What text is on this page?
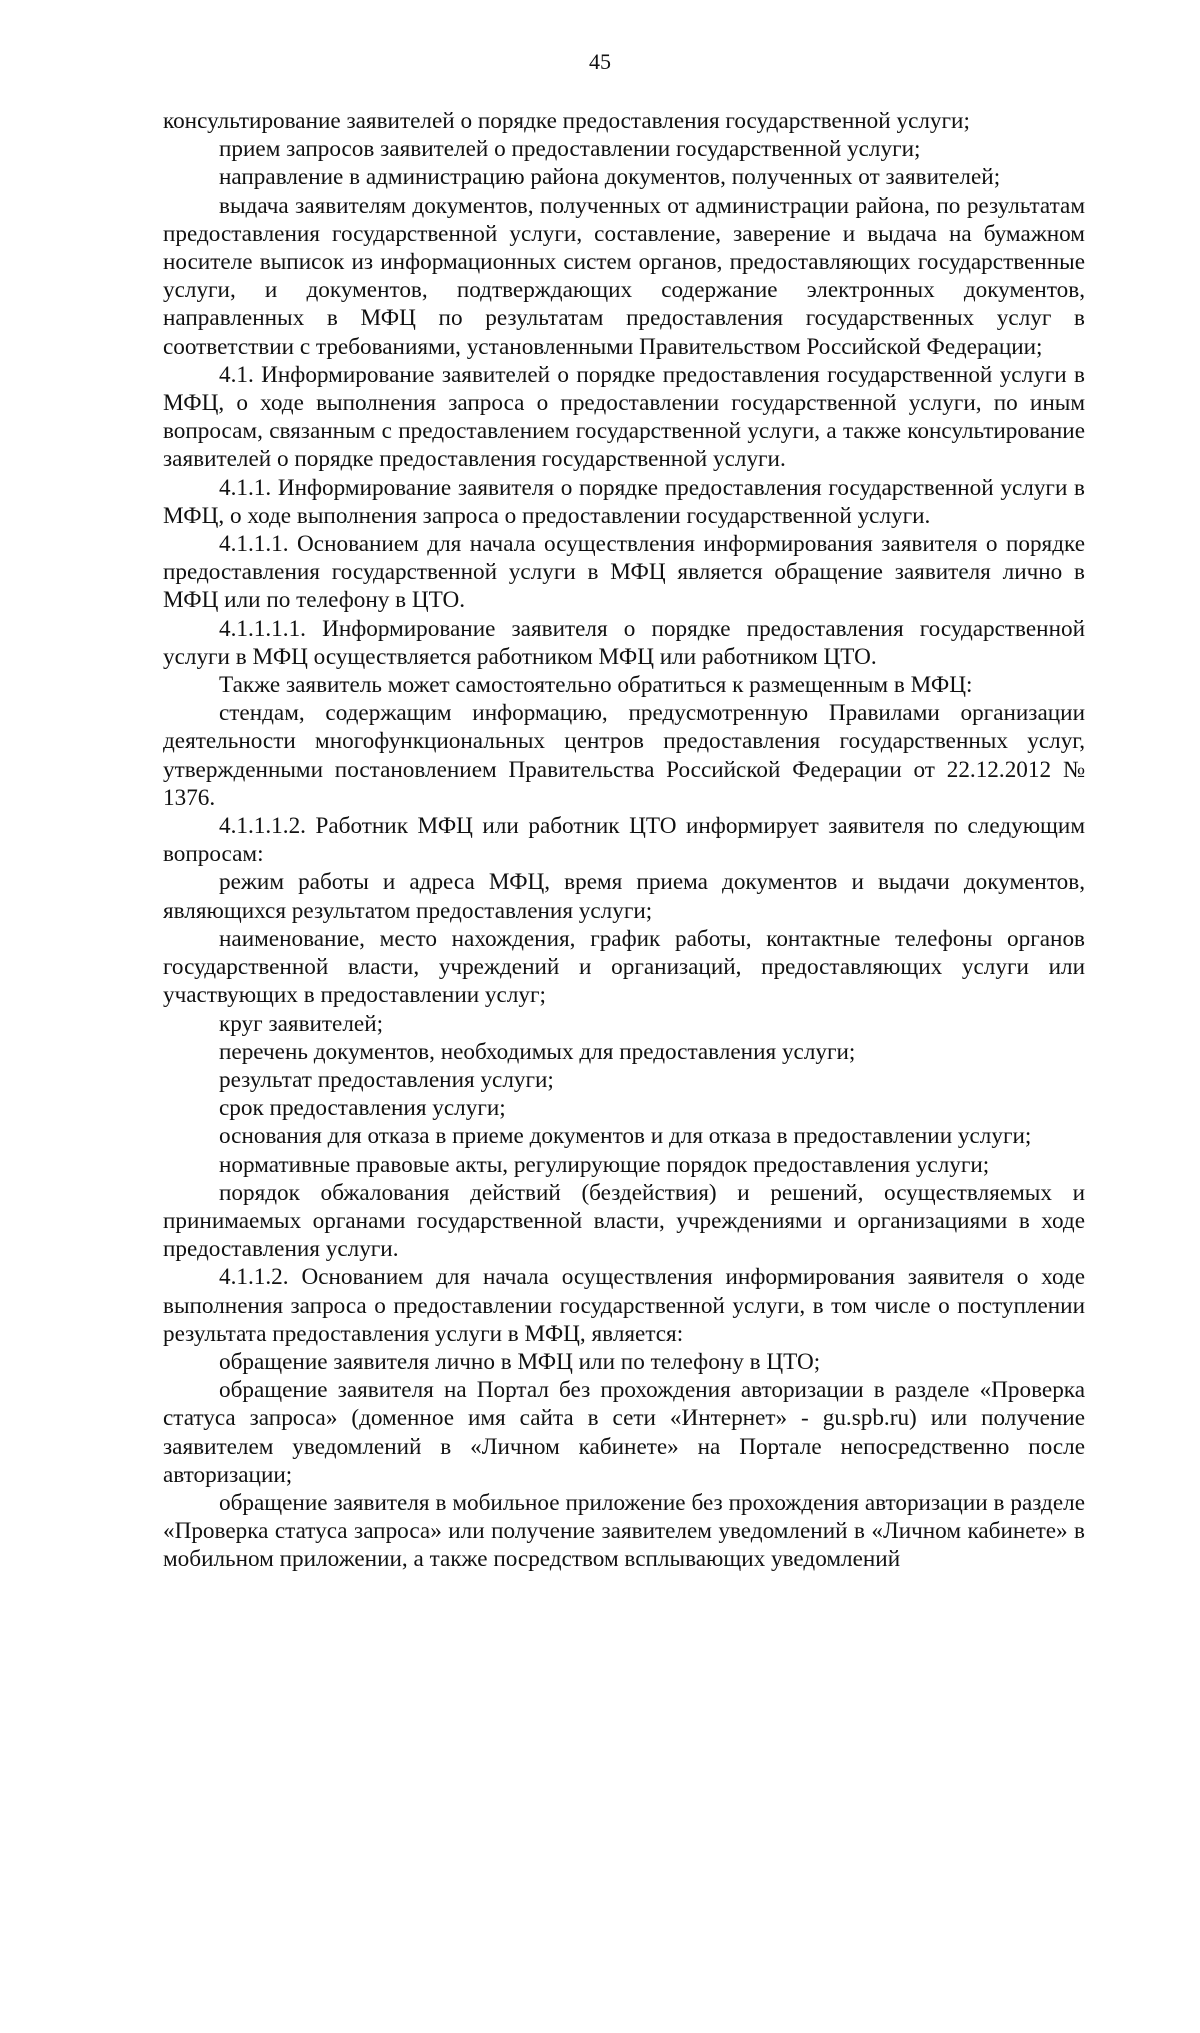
45

консультирование заявителей о порядке предоставления государственной услуги;

прием запросов заявителей о предоставлении государственной услуги;

направление в администрацию района документов, полученных от заявителей;

выдача заявителям документов, полученных от администрации района, по результатам предоставления государственной услуги, составление, заверение и выдача на бумажном носителе выписок из информационных систем органов, предоставляющих государственные услуги, и документов, подтверждающих содержание электронных документов, направленных в МФЦ по результатам предоставления государственных услуг в соответствии с требованиями, установленными Правительством Российской Федерации;

4.1. Информирование заявителей о порядке предоставления государственной услуги в МФЦ, о ходе выполнения запроса о предоставлении государственной услуги, по иным вопросам, связанным с предоставлением государственной услуги, а также консультирование заявителей о порядке предоставления государственной услуги.

4.1.1. Информирование заявителя о порядке предоставления государственной услуги в МФЦ, о ходе выполнения запроса о предоставлении государственной услуги.

4.1.1.1. Основанием для начала осуществления информирования заявителя о порядке предоставления государственной услуги в МФЦ является обращение заявителя лично в МФЦ или по телефону в ЦТО.

4.1.1.1.1. Информирование заявителя о порядке предоставления государственной услуги в МФЦ осуществляется работником МФЦ или работником ЦТО.

Также заявитель может самостоятельно обратиться к размещенным в МФЦ:

стендам, содержащим информацию, предусмотренную Правилами организации деятельности многофункциональных центров предоставления государственных услуг, утвержденными постановлением Правительства Российской Федерации от 22.12.2012 № 1376.

4.1.1.1.2. Работник МФЦ или работник ЦТО информирует заявителя по следующим вопросам:

режим работы и адреса МФЦ, время приема документов и выдачи документов, являющихся результатом предоставления услуги;

наименование, место нахождения, график работы, контактные телефоны органов государственной власти, учреждений и организаций, предоставляющих услуги или участвующих в предоставлении услуг;

круг заявителей;

перечень документов, необходимых для предоставления услуги;

результат предоставления услуги;

срок предоставления услуги;

основания для отказа в приеме документов и для отказа в предоставлении услуги;

нормативные правовые акты, регулирующие порядок предоставления услуги;

порядок обжалования действий (бездействия) и решений, осуществляемых и принимаемых органами государственной власти, учреждениями и организациями в ходе предоставления услуги.

4.1.1.2. Основанием для начала осуществления информирования заявителя о ходе выполнения запроса о предоставлении государственной услуги, в том числе о поступлении результата предоставления услуги в МФЦ, является:

обращение заявителя лично в МФЦ или по телефону в ЦТО;

обращение заявителя на Портал без прохождения авторизации в разделе «Проверка статуса запроса» (доменное имя сайта в сети «Интернет» - gu.spb.ru) или получение заявителем уведомлений в «Личном кабинете» на Портале непосредственно после авторизации;

обращение заявителя в мобильное приложение без прохождения авторизации в разделе «Проверка статуса запроса» или получение заявителем уведомлений в «Личном кабинете» в мобильном приложении, а также посредством всплывающих уведомлений
